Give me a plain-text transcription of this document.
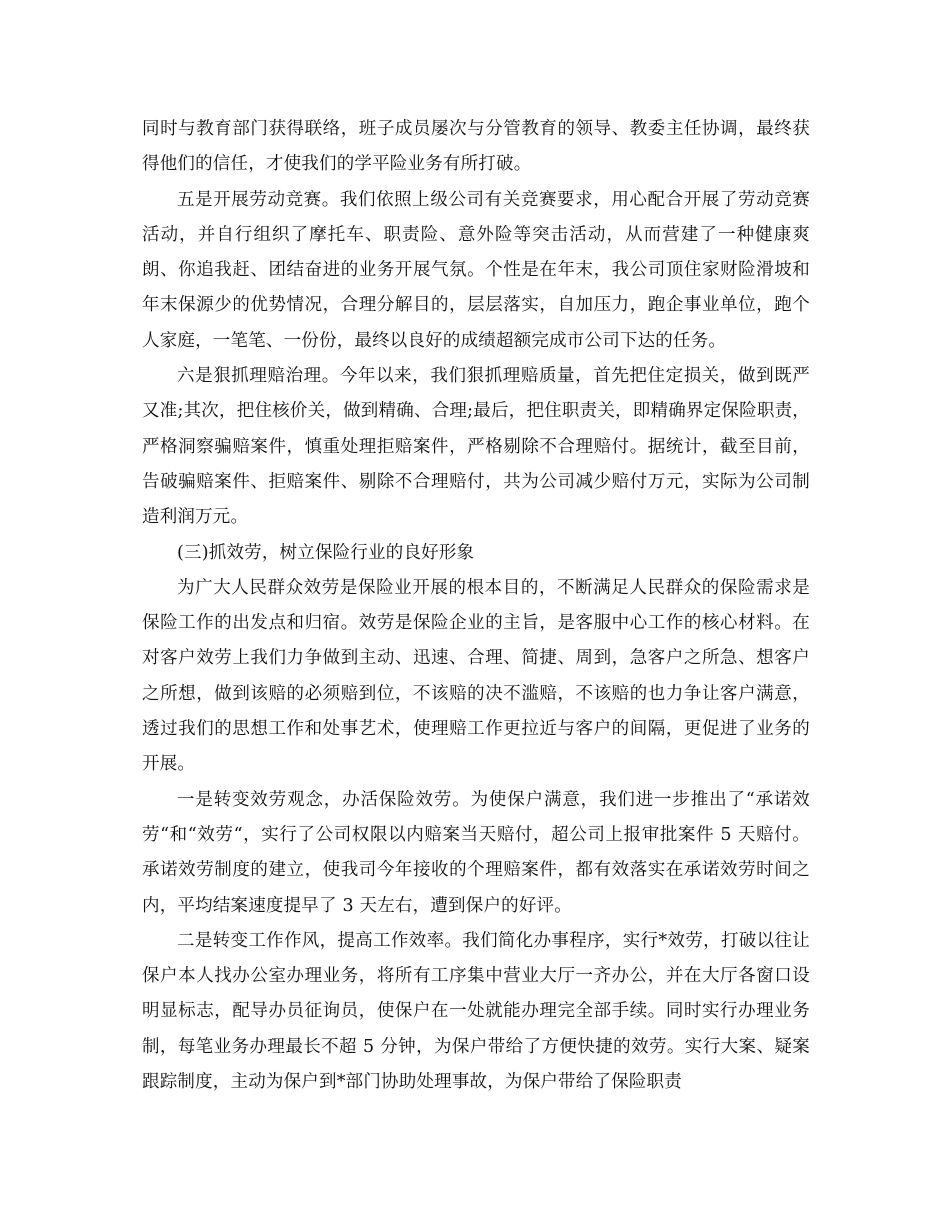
同时与教育部门获得联络，班子成员屡次与分管教育的领导、教委主任协调，最终获得他们的信任，才使我们的学平险业务有所打破。

五是开展劳动竞赛。我们依照上级公司有关竞赛要求，用心配合开展了劳动竞赛活动，并自行组织了摩托车、职责险、意外险等突击活动，从而营建了一种健康爽朗、你追我赶、团结奋进的业务开展气氛。个性是在年末，我公司顶住家财险滑坡和年末保源少的优势情况，合理分解目的，层层落实，自加压力，跑企事业单位，跑个人家庭，一笔笔、一份份，最终以良好的成绩超额完成市公司下达的任务。

六是狠抓理赔治理。今年以来，我们狠抓理赔质量，首先把住定损关，做到既严又准;其次，把住核价关，做到精确、合理;最后，把住职责关，即精确界定保险职责，严格洞察骗赔案件，慎重处理拒赔案件，严格剔除不合理赔付。据统计，截至目前，告破骗赔案件、拒赔案件、剔除不合理赔付，共为公司减少赔付万元，实际为公司制造利润万元。

(三)抓效劳，树立保险行业的良好形象

为广大人民群众效劳是保险业开展的根本目的，不断满足人民群众的保险需求是保险工作的出发点和归宿。效劳是保险企业的主旨，是客服中心工作的核心材料。在对客户效劳上我们力争做到主动、迅速、合理、简捷、周到，急客户之所急、想客户之所想，做到该赔的必须赔到位，不该赔的决不滥赔，不该赔的也力争让客户满意，透过我们的思想工作和处事艺术，使理赔工作更拉近与客户的间隔，更促进了业务的开展。

一是转变效劳观念，办活保险效劳。为使保户满意，我们进一步推出了“承诺效劳“和“效劳“，实行了公司权限以内赔案当天赔付，超公司上报审批案件 5 天赔付。承诺效劳制度的建立，使我司今年接收的个理赔案件，都有效落实在承诺效劳时间之内，平均结案速度提早了 3 天左右，遭到保户的好评。

二是转变工作作风，提高工作效率。我们简化办事程序，实行*效劳，打破以往让保户本人找办公室办理业务，将所有工序集中营业大厅一齐办公，并在大厅各窗口设明显标志，配导办员征询员，使保户在一处就能办理完全部手续。同时实行办理业务制，每笔业务办理最长不超 5 分钟，为保户带给了方便快捷的效劳。实行大案、疑案跟踪制度，主动为保户到*部门协助处理事故，为保户带给了保险职责
